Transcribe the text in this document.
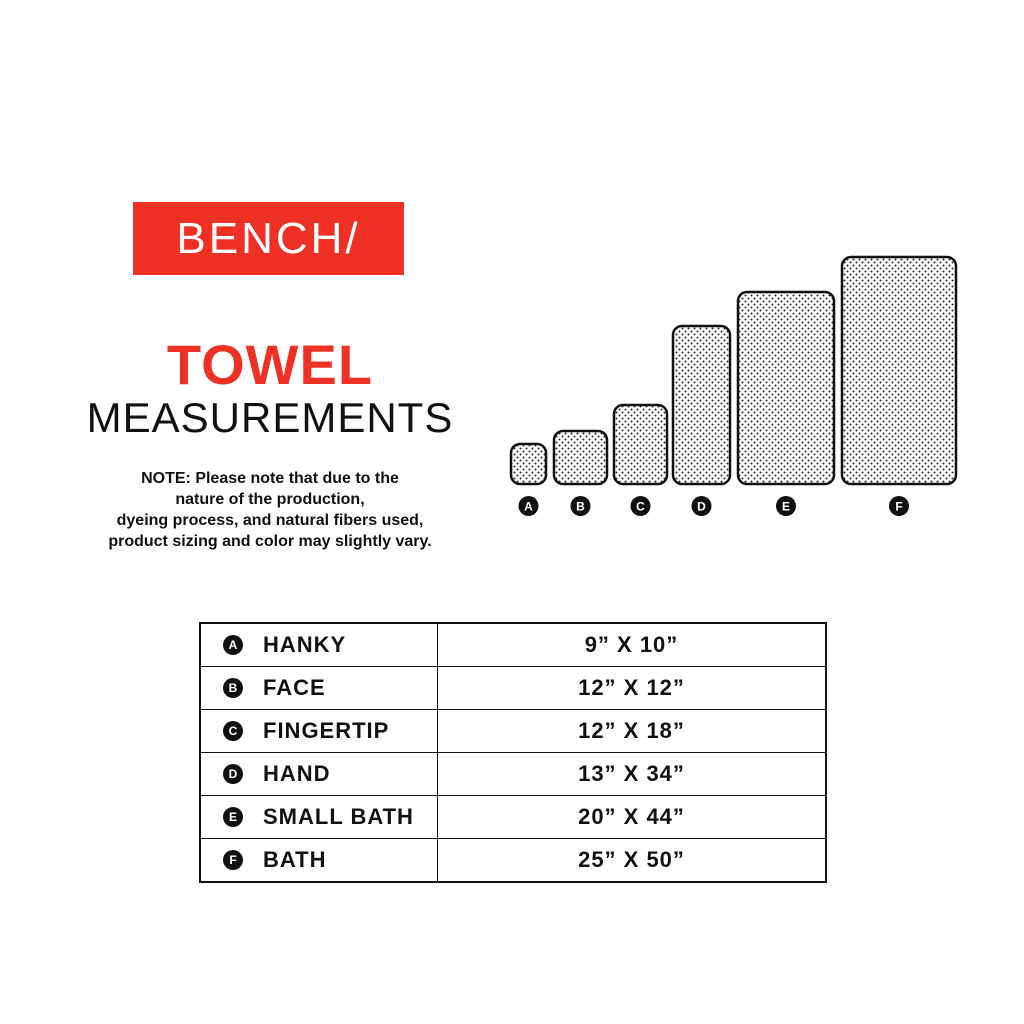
BENCH/
TOWEL
MEASUREMENTS
NOTE: Please note that due to the
nature of the production,
dyeing process, and natural fibers used,
product sizing and color may slightly vary.
A	B	C	D	E	F
A HANKY	9” X 10”

B FACE	12” X 12”

C FINGERTIP	12” X 18”

D HAND	13” X 34”

E SMALL BATH	20” X 44”

F BATH	25” X 50”
